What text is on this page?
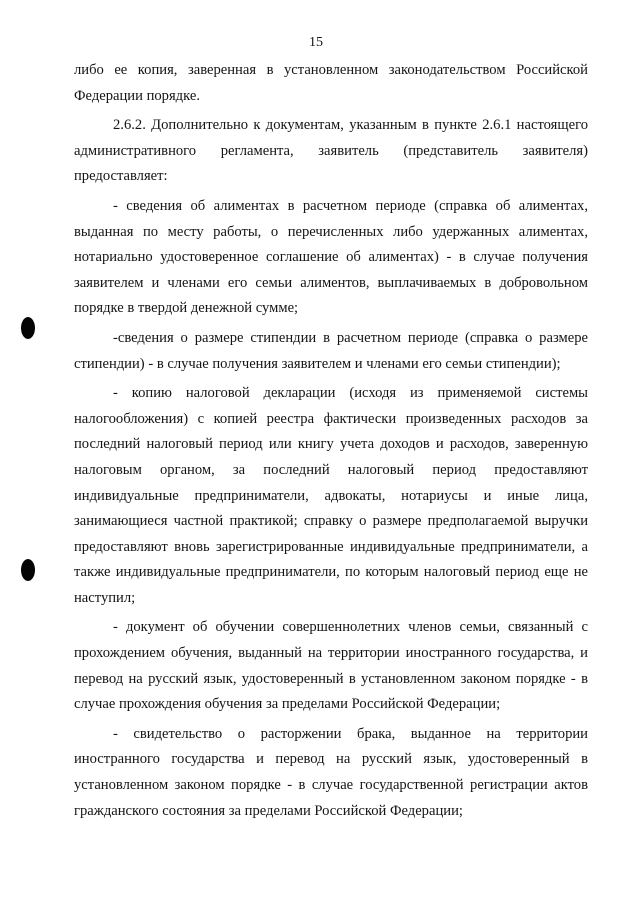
15

либо ее копия, заверенная в установленном законодательством Российской Федерации порядке.

2.6.2. Дополнительно к документам, указанным в пункте 2.6.1 настоящего административного регламента, заявитель (представитель заявителя) предоставляет:

- сведения об алиментах в расчетном периоде (справка об алиментах, выданная по месту работы, о перечисленных либо удержанных алиментах, нотариально удостоверенное соглашение об алиментах) - в случае получения заявителем и членами его семьи алиментов, выплачиваемых в добровольном порядке в твердой денежной сумме;

-сведения о размере стипендии в расчетном периоде (справка о размере стипендии) - в случае получения заявителем и членами его семьи стипендии);

- копию налоговой декларации (исходя из применяемой системы налогообложения) с копией реестра фактически произведенных расходов за последний налоговый период или книгу учета доходов и расходов, заверенную налоговым органом, за последний налоговый период предоставляют индивидуальные предприниматели, адвокаты, нотариусы и иные лица, занимающиеся частной практикой; справку о размере предполагаемой выручки предоставляют вновь зарегистрированные индивидуальные предприниматели, а также индивидуальные предприниматели, по которым налоговый период еще не наступил;

- документ об обучении совершеннолетних членов семьи, связанный с прохождением обучения, выданный на территории иностранного государства, и перевод на русский язык, удостоверенный в установленном законом порядке - в случае прохождения обучения за пределами Российской Федерации;

- свидетельство о расторжении брака, выданное на территории иностранного государства и перевод на русский язык, удостоверенный в установленном законом порядке - в случае государственной регистрации актов гражданского состояния за пределами Российской Федерации;
